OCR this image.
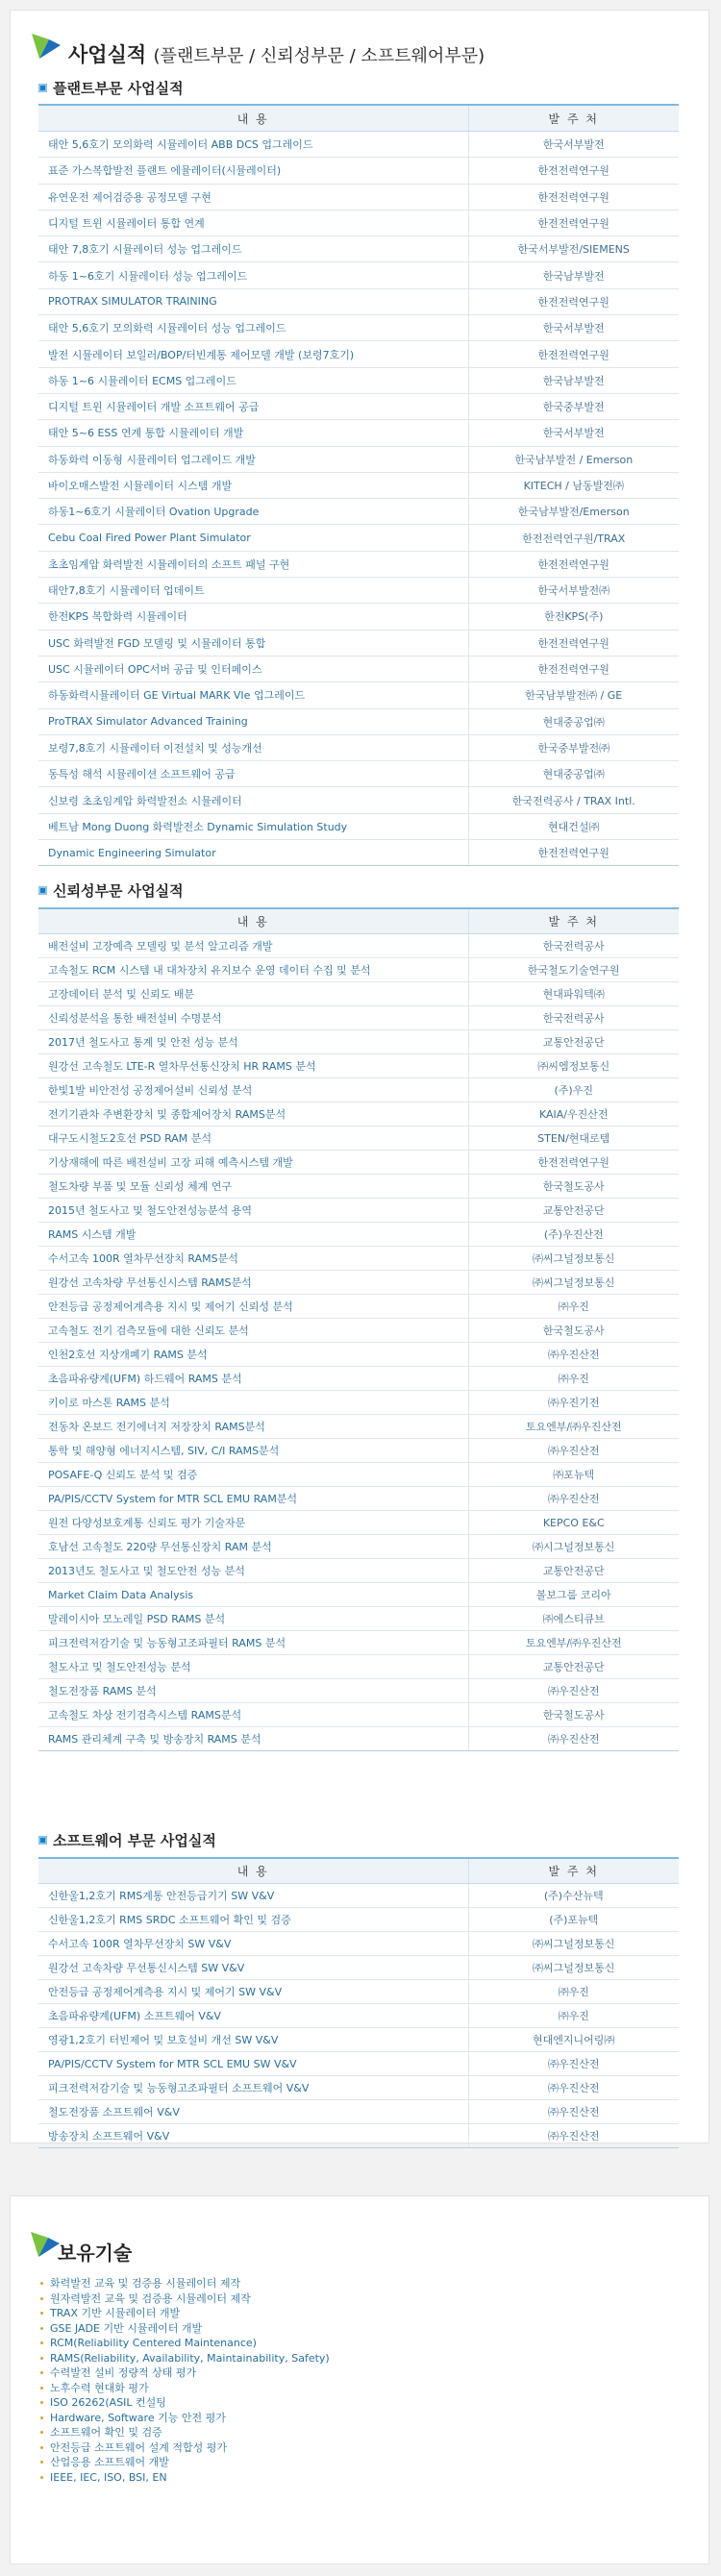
사업실적 (플랜트부문 / 신뢰성부문 / 소프트웨어부문)
플랜트부문 사업실적
내 용	발 주 처
태안 5,6호기 모의화력 시뮬레이터 ABB DCS 업그레이드	한국서부발전
표준 가스복합발전 플랜트 에뮬레이터(시뮬레이터)	한전전력연구원
유연운전 제어검증용 공정모델 구현	한전전력연구원
디지털 트윈 시뮬레이터 통합 연계	한전전력연구원
태안 7,8호기 시뮬레이터 성능 업그레이드	한국서부발전/SIEMENS
하동 1~6호기 시뮬레이터 성능 업그레이드	한국남부발전
PROTRAX SIMULATOR TRAINING	한전전력연구원
태안 5,6호기 모의화력 시뮬레이터 성능 업그레이드	한국서부발전
발전 시뮬레이터 보일러/BOP/터빈계통 제어모델 개발 (보령7호기)	한전전력연구원
하동 1~6 시뮬레이터 ECMS 업그레이드	한국남부발전
디지털 트윈 시뮬레이터 개발 소프트웨어 공급	한국중부발전
태안 5~6 ESS 연계 통합 시뮬레이터 개발	한국서부발전
하동화력 이동형 시뮬레이터 업그레이드 개발	한국남부발전 / Emerson
바이오매스발전 시뮬레이터 시스템 개발	KITECH / 남동발전㈜
하동1~6호기 시뮬레이터 Ovation Upgrade	한국남부발전/Emerson
Cebu Coal Fired Power Plant Simulator	한전전력연구원/TRAX
초초임계압 화력발전 시뮬레이터의 소프트 패널 구현	한전전력연구원
태안7,8호기 시뮬레이터 업데이트	한국서부발전㈜
한전KPS 복합화력 시뮬레이터	한전KPS(주)
USC 화력발전 FGD 모델링 및 시뮬레이터 통합	한전전력연구원
USC 시뮬레이터 OPC서버 공급 및 인터페이스	한전전력연구원
하동화력시뮬레이터 GE Virtual MARK VIe 업그레이드	한국남부발전㈜ / GE
ProTRAX Simulator Advanced Training	현대중공업㈜
보령7,8호기 시뮬레이터 이전설치 및 성능개선	한국중부발전㈜
동특성 해석 시뮬레이션 소프트웨어 공급	현대중공업㈜
신보령 초초임계압 화력발전소 시뮬레이터	한국전력공사 / TRAX Intl.
베트남 Mong Duong 화력발전소 Dynamic Simulation Study	현대건설㈜
Dynamic Engineering Simulator	한전전력연구원
신뢰성부문 사업실적
내 용	발 주 처
배전설비 고장예측 모델링 및 분석 알고리즘 개발	한국전력공사
고속철도 RCM 시스템 내 대차장치 유지보수 운영 데이터 수집 및 분석	한국철도기술연구원
고장데이터 분석 및 신뢰도 배분	현대파워텍㈜
신뢰성분석을 통한 배전설비 수명분석	한국전력공사
2017년 철도사고 통계 및 안전 성능 분석	교통안전공단
원강선 고속철도 LTE-R 열차무선통신장치 HR RAMS 분석	㈜씨엠정보통신
한빛1발 비안전성 공정제어설비 신뢰성 분석	(주)우진
전기기관차 주변환장치 및 종합제어장치 RAMS분석	KAIA/우진산전
대구도시철도2호선 PSD RAM 분석	STEN/현대로템
기상재해에 따른 배전설비 고장 피해 예측시스템 개발	한전전력연구원
철도차량 부품 및 모듈 신뢰성 체계 연구	한국철도공사
2015년 철도사고 및 철도안전성능분석 용역	교통안전공단
RAMS 시스템 개발	(주)우진산전
수서고속 100R 열차무선장치 RAMS분석	㈜씨그널정보통신
원강선 고속차량 무선통신시스템 RAMS분석	㈜씨그널정보통신
안전등급 공정제어계측용 지시 및 제어기 신뢰성 분석	㈜우진
고속철도 전기 검측모듈에 대한 신뢰도 분석	한국철도공사
인천2호선 지상개폐기 RAMS 분석	㈜우진산전
초음파유량계(UFM) 하드웨어 RAMS 분석	㈜우진
키이로 마스톤 RAMS 분석	㈜우진기전
전동차 온보드 전기에너지 저장장치 RAMS분석	토요엔부/㈜우진산전
통학 및 해양형 에너지시스템, SIV, C/I RAMS분석	㈜우진산전
POSAFE-Q 신뢰도 분석 및 검증	㈜포뉴텍
PA/PIS/CCTV System for MTR SCL EMU RAM분석	㈜우진산전
원전 다양성보호계통 신뢰도 평가 기술자문	KEPCO E&C
호남선 고속철도 220량 무선통신장치 RAM 분석	㈜시그널정보통신
2013년도 철도사고 및 철도안전 성능 분석	교통안전공단
Market Claim Data Analysis	볼보그룹 코리아
말레이시아 모노레일 PSD RAMS 분석	㈜에스티큐브
피크전력저감기술 및 능동형고조파필터 RAMS 분석	토요엔부/㈜우진산전
철도사고 및 철도안전성능 분석	교통안전공단
철도전장품 RAMS 분석	㈜우진산전
고속철도 차상 전기검측시스템 RAMS분석	한국철도공사
RAMS 관리체계 구축 및 방송장치 RAMS 분석	㈜우진산전
소프트웨어 부문 사업실적
내 용	발 주 처
신한울1,2호기 RMS계통 안전등급기기 SW V&V	(주)수산뉴텍
신한울1,2호기 RMS SRDC 소프트웨어 확인 및 검증	(주)포뉴텍
수서고속 100R 열차무선장치 SW V&V	㈜씨그널정보통신
원강선 고속차량 무선통신시스템 SW V&V	㈜씨그널정보통신
안전등급 공정제어계측용 지시 및 제어기 SW V&V	㈜우진
초음파유량계(UFM) 소프트웨어 V&V	㈜우진
영광1,2호기 터빈제어 및 보호설비 개선 SW V&V	현대엔지니어링㈜
PA/PIS/CCTV System for MTR SCL EMU SW V&V	㈜우진산전
피크전력저감기술 및 능동형고조파필터 소프트웨어 V&V	㈜우진산전
철도전장품 소프트웨어 V&V	㈜우진산전
방송장치 소프트웨어 V&V	㈜우진산전
보유기술
화력발전 교육 및 검증용 시뮬레이터 제작
원자력발전 교육 및 검증용 시뮬레이터 제작
TRAX 기반 시뮬레이터 개발
GSE JADE 기반 시뮬레이터 개발
RCM(Reliability Centered Maintenance)
RAMS(Reliability, Availability, Maintainability, Safety)
수력발전 설비 정량적 상태 평가
노후수력 현대화 평가
ISO 26262(ASIL 컨설팅
Hardware, Software 기능 안전 평가
소프트웨어 확인 및 검증
안전등급 소프트웨어 설계 적합성 평가
산업응용 소프트웨어 개발
IEEE, IEC, ISO, BSI, EN
